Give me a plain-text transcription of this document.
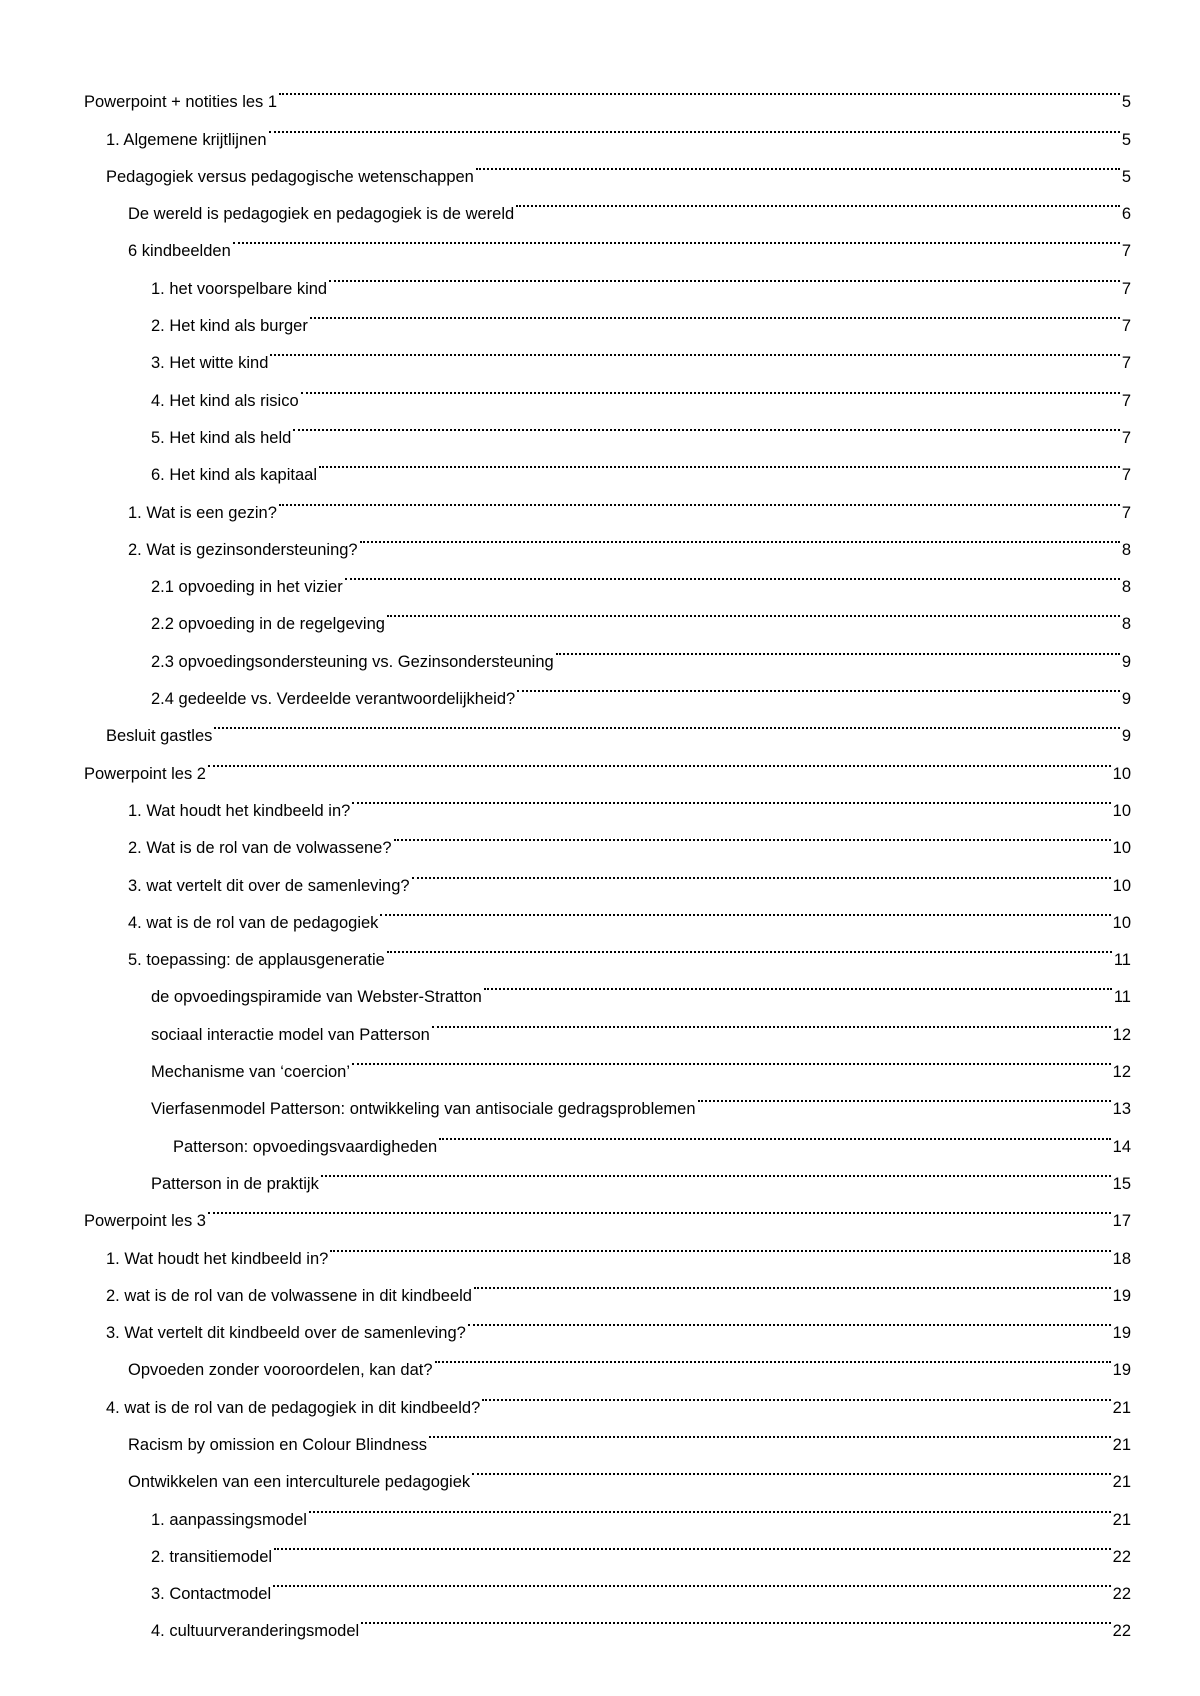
Powerpoint + notities les 1	5
1. Algemene krijtlijnen	5
Pedagogiek versus pedagogische wetenschappen	5
De wereld is pedagogiek en pedagogiek is de wereld	6
6 kindbeelden	7
1. het voorspelbare kind	7
2. Het kind als burger	7
3. Het witte kind	7
4. Het kind als risico	7
5. Het kind als held	7
6. Het kind als kapitaal	7
1. Wat is een gezin?	7
2. Wat is gezinsondersteuning?	8
2.1 opvoeding in het vizier	8
2.2 opvoeding in de regelgeving	8
2.3 opvoedingsondersteuning vs. Gezinsondersteuning	9
2.4 gedeelde vs. Verdeelde verantwoordelijkheid?	9
Besluit gastles	9
Powerpoint les 2	10
1. Wat houdt het kindbeeld in?	10
2. Wat is de rol van de volwassene?	10
3. wat vertelt dit over de samenleving?	10
4. wat is de rol van de pedagogiek	10
5. toepassing: de applausgeneratie	11
de opvoedingspiramide van Webster-Stratton	11
sociaal interactie model van Patterson	12
Mechanisme van ‘coercion’	12
Vierfasenmodel Patterson: ontwikkeling van antisociale gedragsproblemen	13
Patterson: opvoedingsvaardigheden	14
Patterson in de praktijk	15
Powerpoint les 3	17
1. Wat houdt het kindbeeld in?	18
2. wat is de rol van de volwassene in dit kindbeeld	19
3. Wat vertelt dit kindbeeld over de samenleving?	19
Opvoeden zonder vooroordelen, kan dat?	19
4. wat is de rol van de pedagogiek in dit kindbeeld?	21
Racism by omission en Colour Blindness	21
Ontwikkelen van een interculturele pedagogiek	21
1. aanpassingsmodel	21
2. transitiemodel	22
3. Contactmodel	22
4. cultuurveranderingsmodel	22
